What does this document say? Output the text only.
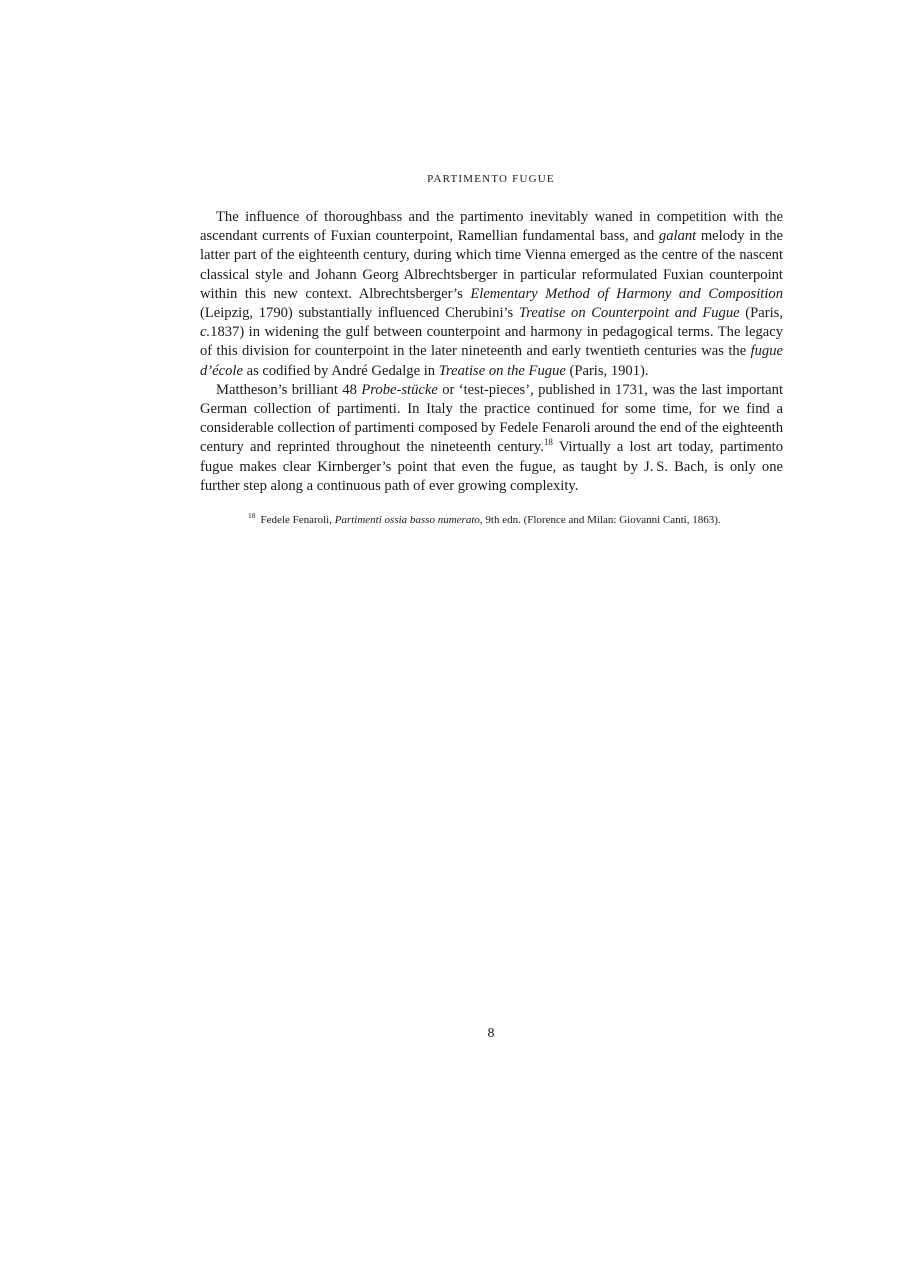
PARTIMENTO FUGUE

The influence of thoroughbass and the partimento inevitably waned in competition with the ascendant currents of Fuxian counterpoint, Ramellian fundamental bass, and galant melody in the latter part of the eighteenth century, during which time Vienna emerged as the centre of the nascent classical style and Johann Georg Albrechtsberger in particular reformulated Fuxian counterpoint within this new context. Albrechtsberger’s Elementary Method of Harmony and Composition (Leipzig, 1790) substantially influenced Cherubini’s Treatise on Counterpoint and Fugue (Paris, c.1837) in widening the gulf between counterpoint and harmony in pedagogical terms. The legacy of this division for counterpoint in the later nineteenth and early twentieth centuries was the fugue d’école as codified by André Gedalge in Treatise on the Fugue (Paris, 1901).

Mattheson’s brilliant 48 Probe-stücke or ‘test-pieces’, published in 1731, was the last important German collection of partimenti. In Italy the practice continued for some time, for we find a considerable collection of partimenti composed by Fedele Fenaroli around the end of the eighteenth century and reprinted throughout the nineteenth century.$^{18}$ Virtually a lost art today, partimento fugue makes clear Kirnberger’s point that even the fugue, as taught by J. S. Bach, is only one further step along a continuous path of ever growing complexity.

$^{18}$ Fedele Fenaroli, Partimenti ossia basso numerato, 9th edn. (Florence and Milan: Giovanni Canti, 1863).
8
